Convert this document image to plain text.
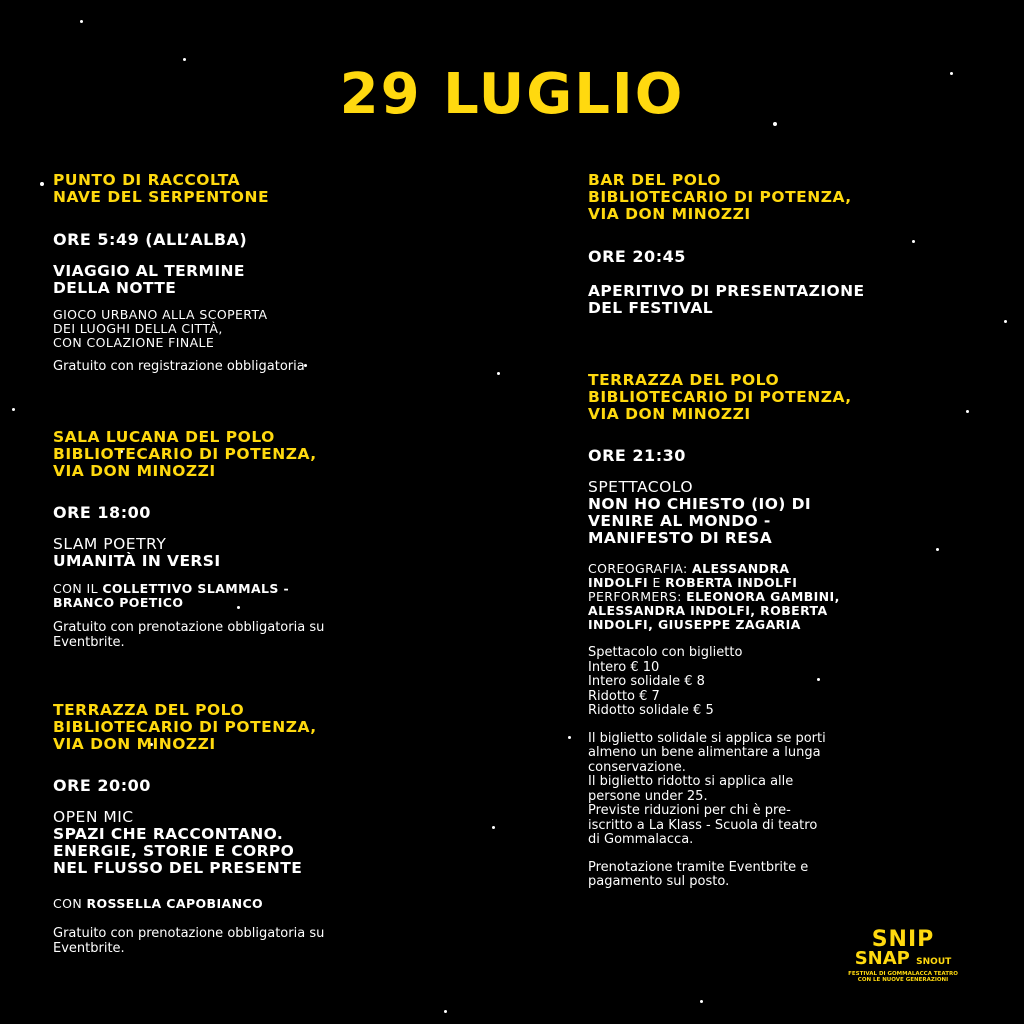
29 LUGLIO

PUNTO DI RACCOLTA

NAVE DEL SERPENTONE

ORE 5:49 (ALL’ALBA)

VIAGGIO AL TERMINE

DELLA NOTTE

GIOCO URBANO ALLA SCOPERTA

DEI LUOGHI DELLA CITTÀ,

CON COLAZIONE FINALE

Gratuito con registrazione obbligatoria

SALA LUCANA DEL POLO

BIBLIOTECARIO DI POTENZA,

VIA DON MINOZZI

ORE 18:00

SLAM POETRY

UMANITÀ IN VERSI

CON IL COLLETTIVO SLAMMALS -

BRANCO POETICO

Gratuito con prenotazione obbligatoria su

Eventbrite.

TERRAZZA DEL POLO

BIBLIOTECARIO DI POTENZA,

VIA DON MINOZZI

ORE 20:00

OPEN MIC

SPAZI CHE RACCONTANO.

ENERGIE, STORIE E CORPO

NEL FLUSSO DEL PRESENTE

CON ROSSELLA CAPOBIANCO

Gratuito con prenotazione obbligatoria su

Eventbrite.

BAR DEL POLO

BIBLIOTECARIO DI POTENZA,

VIA DON MINOZZI

ORE 20:45

APERITIVO DI PRESENTAZIONE

DEL FESTIVAL

TERRAZZA DEL POLO

BIBLIOTECARIO DI POTENZA,

VIA DON MINOZZI

ORE 21:30

SPETTACOLO

NON HO CHIESTO (IO) DI

VENIRE AL MONDO -

MANIFESTO DI RESA

COREOGRAFIA: ALESSANDRA

INDOLFI E ROBERTA INDOLFI

PERFORMERS: ELEONORA GAMBINI,

ALESSANDRA INDOLFI, ROBERTA

INDOLFI, GIUSEPPE ZAGARIA

Spettacolo con biglietto

Intero € 10

Intero solidale € 8

Ridotto € 7

Ridotto solidale € 5

Il biglietto solidale si applica se porti

almeno un bene alimentare a lunga

conservazione.

Il biglietto ridotto si applica alle

persone under 25.

Previste riduzioni per chi è pre-

iscritto a La Klass - Scuola di teatro

di Gommalacca.

Prenotazione tramite Eventbrite e

pagamento sul posto.

SNIP
SNAP SNOUT
FESTIVAL DI GOMMALACCA TEATRO
CON LE NUOVE GENERAZIONI
